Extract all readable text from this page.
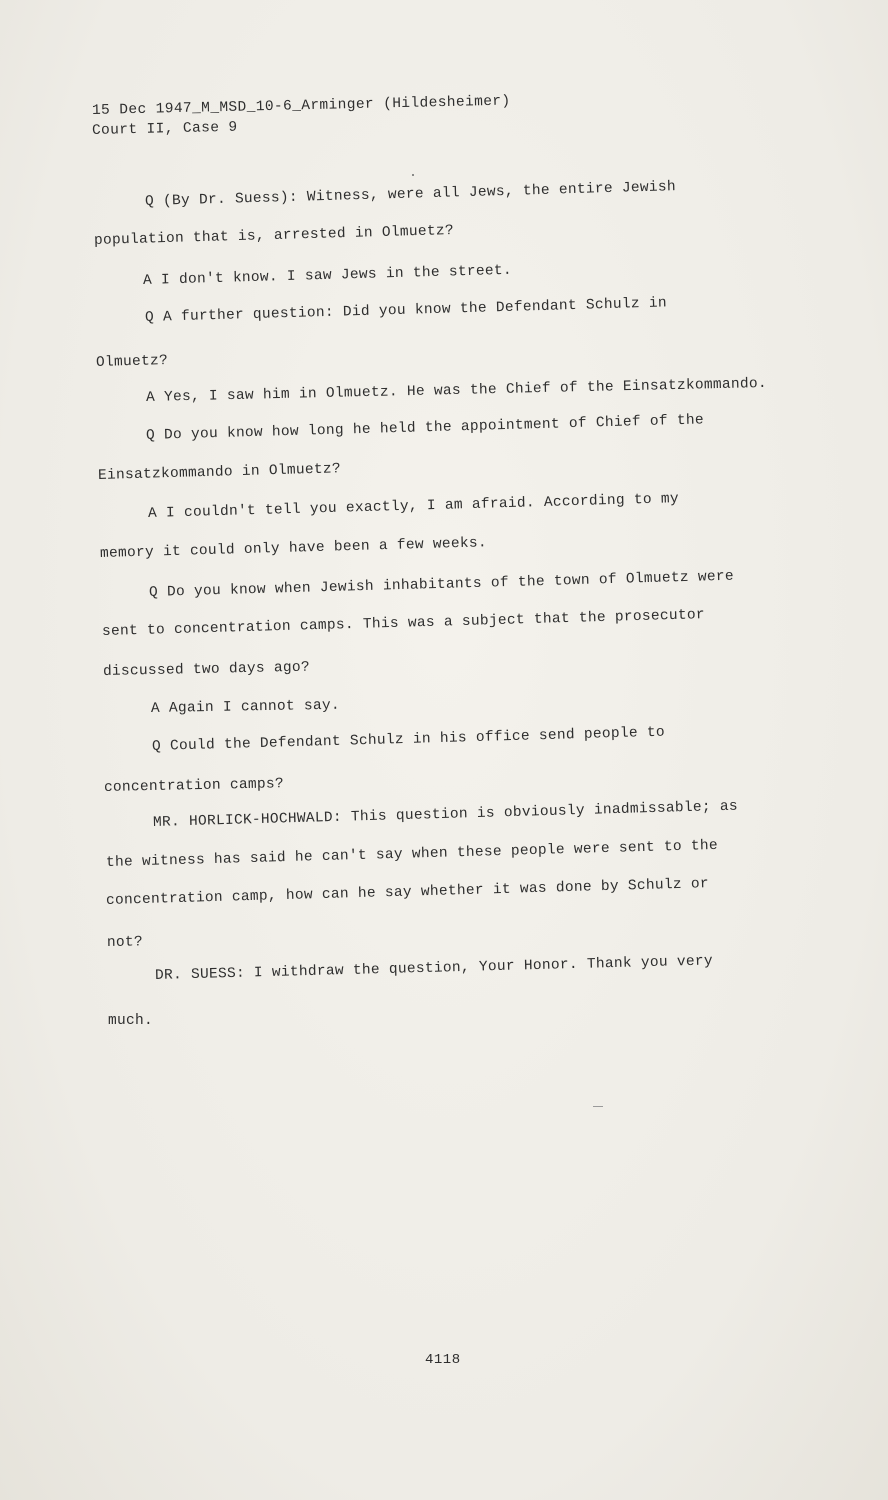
15 Dec 1947_M_MSD_10-6_Arminger (Hildesheimer)
Court II, Case 9
Q (By Dr. Suess): Witness, were all Jews, the entire Jewish
population that is, arrested in Olmuetz?
A I don't know. I saw Jews in the street.
Q A further question: Did you know the Defendant Schulz in
Olmuetz?
A Yes, I saw him in Olmuetz. He was the Chief of the Einsatzkommando.
Q Do you know how long he held the appointment of Chief of the
Einsatzkommando in Olmuetz?
A I couldn't tell you exactly, I am afraid. According to my
memory it could only have been a few weeks.
Q Do you know when Jewish inhabitants of the town of Olmuetz were
sent to concentration camps. This was a subject that the prosecutor
discussed two days ago?
A Again I cannot say.
Q Could the Defendant Schulz in his office send people to
concentration camps?
MR. HORLICK-HOCHWALD: This question is obviously inadmissable; as
the witness has said he can't say when these people were sent to the
concentration camp, how can he say whether it was done by Schulz or
not?
DR. SUESS: I withdraw the question, Your Honor. Thank you very
much.
4118
